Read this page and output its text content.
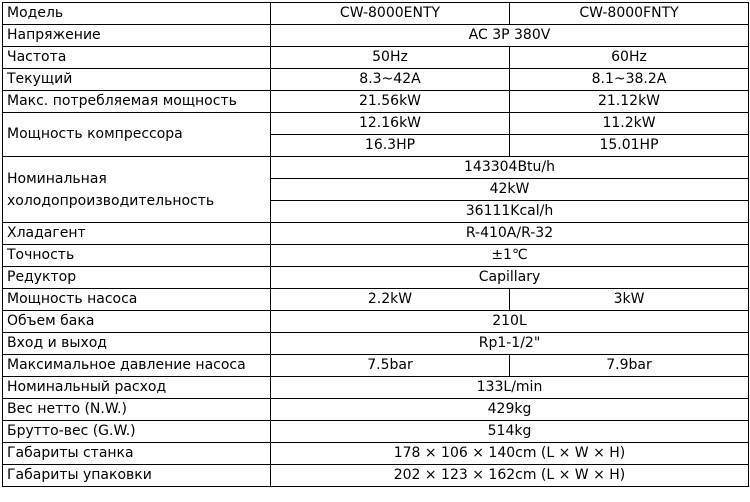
Модель	CW-8000ENTY	CW-8000FNTY
Напряжение	AC 3P 380V	
Частота	50Hz	60Hz
Текущий	8.3~42A	8.1~38.2A
Макс. потребляемая мощность	21.56kW	21.12kW
Мощность компрессора	12.16kW	11.2kW
	16.3HP	15.01HP
Номинальная холодопроизводительность	143304Btu/h	
	42kW	
	36111Kcal/h	
Хладагент	R-410A/R-32	
Точность	±1℃	
Редуктор	Capillary	
Мощность насоса	2.2kW	3kW
Объем бака	210L	
Вход и выход	Rp1-1/2"	
Максимальное давление насоса	7.5bar	7.9bar
Номинальный расход	133L/min	
Вес нетто (N.W.)	429kg	
Брутто-вес (G.W.)	514kg	
Габариты станка	178 × 106 × 140cm (L × W × H)	
Габариты упаковки	202 × 123 × 162cm (L × W × H)	
